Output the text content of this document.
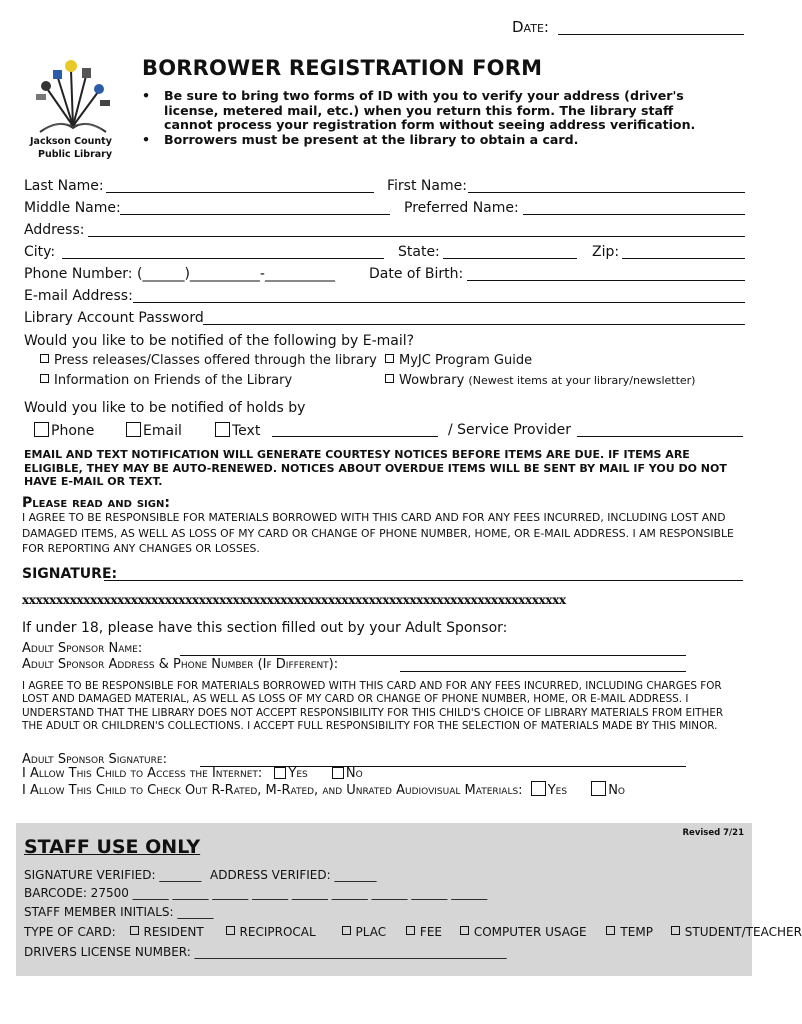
Date:
Jackson County
Public Library
BORROWER REGISTRATION FORM
• Be sure to bring two forms of ID with you to verify your address (driver's license, metered mail, etc.) when you return this form. The library staff cannot process your registration form without seeing address verification.
• Borrowers must be present at the library to obtain a card.
Last Name:	First Name:
Middle Name:	Preferred Name:
Address:
City:	State:	Zip:
Phone Number: (______)__________-__________ Date of Birth:
E-mail Address:
Library Account Password
Would you like to be notified of the following by E-mail?
Press releases/Classes offered through the library	MyJC Program Guide
Information on Friends of the Library	Wowbrary (Newest items at your library/newsletter)
Would you like to be notified of holds by
Phone	Email	Text	/ Service Provider
EMAIL AND TEXT NOTIFICATION WILL GENERATE COURTESY NOTICES BEFORE ITEMS ARE DUE. IF ITEMS ARE ELIGIBLE, THEY MAY BE AUTO-RENEWED. NOTICES ABOUT OVERDUE ITEMS WILL BE SENT BY MAIL IF YOU DO NOT HAVE E-MAIL OR TEXT.
Please read and sign:
I AGREE TO BE RESPONSIBLE FOR MATERIALS BORROWED WITH THIS CARD AND FOR ANY FEES INCURRED, INCLUDING LOST AND DAMAGED ITEMS, AS WELL AS LOSS OF MY CARD OR CHANGE OF PHONE NUMBER, HOME, OR E-MAIL ADDRESS. I AM RESPONSIBLE FOR REPORTING ANY CHANGES OR LOSSES.
SIGNATURE:
xxxxxxxxxxxxxxxxxxxxxxxxxxxxxxxxxxxxxxxxxxxxxxxxxxxxxxxxxxxxxxxxxxxxxxxxxxxxxxxx
If under 18, please have this section filled out by your Adult Sponsor:
Adult Sponsor Name:
Adult Sponsor Address & Phone Number (If Different):
I AGREE TO BE RESPONSIBLE FOR MATERIALS BORROWED WITH THIS CARD AND FOR ANY FEES INCURRED, INCLUDING CHARGES FOR LOST AND DAMAGED MATERIAL, AS WELL AS LOSS OF MY CARD OR CHANGE OF PHONE NUMBER, HOME, OR E-MAIL ADDRESS. I UNDERSTAND THAT THE LIBRARY DOES NOT ACCEPT RESPONSIBILITY FOR THIS CHILD'S CHOICE OF LIBRARY MATERIALS FROM EITHER THE ADULT OR CHILDREN'S COLLECTIONS. I ACCEPT FULL RESPONSIBILITY FOR THE SELECTION OF MATERIALS MADE BY THIS MINOR.
Adult Sponsor Signature:
I Allow This Child to Access the Internet: Yes	No
I Allow This Child to Check Out R-Rated, M-Rated, and Unrated Audiovisual Materials: Yes	No
Revised 7/21
STAFF USE ONLY
SIGNATURE VERIFIED: _______ ADDRESS VERIFIED: _______
BARCODE: 27500 ______ ______ ______ ______ ______ ______ ______ ______ ______
STAFF MEMBER INITIALS: ______
TYPE OF CARD: RESIDENT	RECIPROCAL	PLAC	FEE	COMPUTER USAGE	TEMP	STUDENT/TEACHER
DRIVERS LICENSE NUMBER: ____________________________________________________
